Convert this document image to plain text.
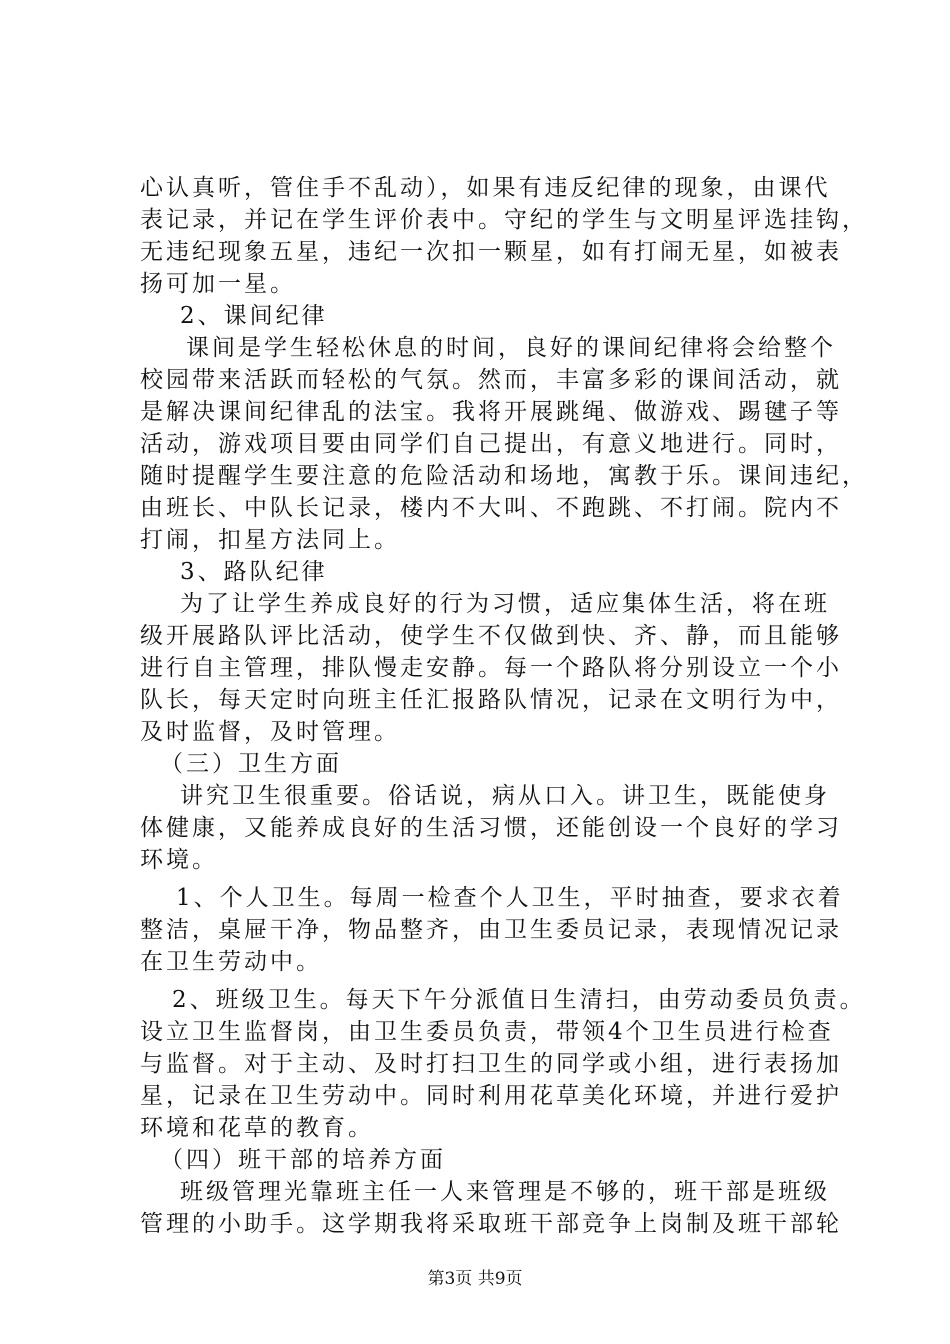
心认真听，管住手不乱动），如果有违反纪律的现象，由课代
表记录，并记在学生评价表中。守纪的学生与文明星评选挂钩，
无违纪现象五星，违纪一次扣一颗星，如有打闹无星，如被表
扬可加一星。
2、课间纪律
课间是学生轻松休息的时间，良好的课间纪律将会给整个
校园带来活跃而轻松的气氛。然而，丰富多彩的课间活动，就
是解决课间纪律乱的法宝。我将开展跳绳、做游戏、踢毽子等
活动，游戏项目要由同学们自己提出，有意义地进行。同时，
随时提醒学生要注意的危险活动和场地，寓教于乐。课间违纪，
由班长、中队长记录，楼内不大叫、不跑跳、不打闹。院内不
打闹，扣星方法同上。
3、路队纪律
为了让学生养成良好的行为习惯，适应集体生活，将在班
级开展路队评比活动，使学生不仅做到快、齐、静，而且能够
进行自主管理，排队慢走安静。每一个路队将分别设立一个小
队长，每天定时向班主任汇报路队情况，记录在文明行为中，
及时监督，及时管理。
（三）卫生方面
讲究卫生很重要。俗话说，病从口入。讲卫生，既能使身
体健康，又能养成良好的生活习惯，还能创设一个良好的学习
环境。
1、个人卫生。每周一检查个人卫生，平时抽查，要求衣着
整洁，桌屉干净，物品整齐，由卫生委员记录，表现情况记录
在卫生劳动中。
2、班级卫生。每天下午分派值日生清扫，由劳动委员负责。
设立卫生监督岗，由卫生委员负责，带领4个卫生员进行检查
与监督。对于主动、及时打扫卫生的同学或小组，进行表扬加
星，记录在卫生劳动中。同时利用花草美化环境，并进行爱护
环境和花草的教育。
（四）班干部的培养方面
班级管理光靠班主任一人来管理是不够的，班干部是班级
管理的小助手。这学期我将采取班干部竞争上岗制及班干部轮
第3页 共9页
